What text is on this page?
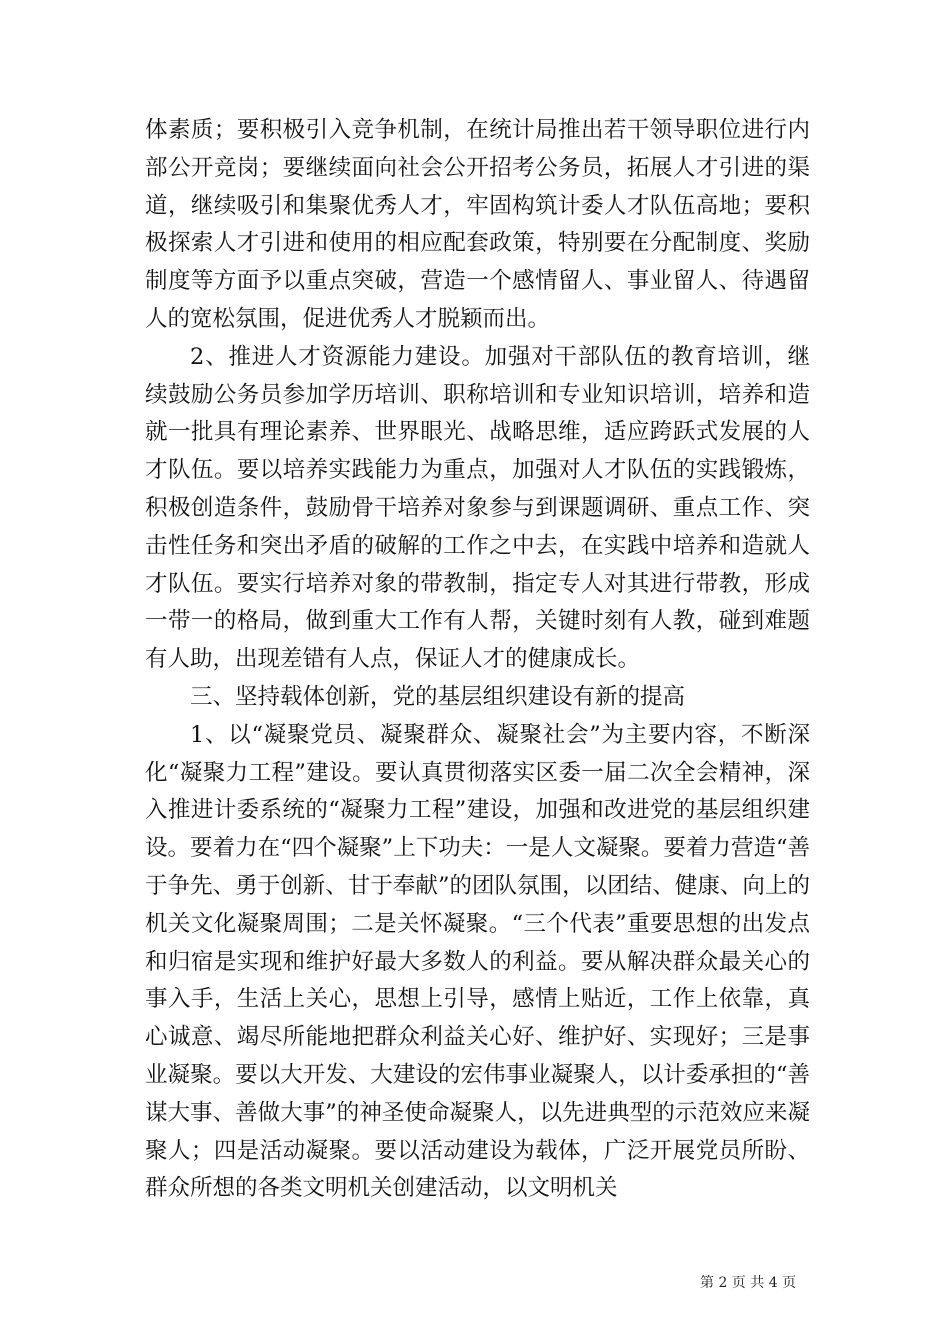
体素质；要积极引入竞争机制，在统计局推出若干领导职位进行内部公开竞岗；要继续面向社会公开招考公务员，拓展人才引进的渠道，继续吸引和集聚优秀人才，牢固构筑计委人才队伍高地；要积极探索人才引进和使用的相应配套政策，特别要在分配制度、奖励制度等方面予以重点突破，营造一个感情留人、事业留人、待遇留人的宽松氛围，促进优秀人才脱颖而出。

2、推进人才资源能力建设。加强对干部队伍的教育培训，继续鼓励公务员参加学历培训、职称培训和专业知识培训，培养和造就一批具有理论素养、世界眼光、战略思维，适应跨跃式发展的人才队伍。要以培养实践能力为重点，加强对人才队伍的实践锻炼，积极创造条件，鼓励骨干培养对象参与到课题调研、重点工作、突击性任务和突出矛盾的破解的工作之中去，在实践中培养和造就人才队伍。要实行培养对象的带教制，指定专人对其进行带教，形成一带一的格局，做到重大工作有人帮，关键时刻有人教，碰到难题有人助，出现差错有人点，保证人才的健康成长。

三、坚持载体创新，党的基层组织建设有新的提高

1、以“凝聚党员、凝聚群众、凝聚社会”为主要内容，不断深化“凝聚力工程”建设。要认真贯彻落实区委一届二次全会精神，深入推进计委系统的“凝聚力工程”建设，加强和改进党的基层组织建设。要着力在“四个凝聚”上下功夫：一是人文凝聚。要着力营造“善于争先、勇于创新、甘于奉献”的团队氛围，以团结、健康、向上的机关文化凝聚周围；二是关怀凝聚。“三个代表”重要思想的出发点和归宿是实现和维护好最大多数人的利益。要从解决群众最关心的事入手，生活上关心，思想上引导，感情上贴近，工作上依靠，真心诚意、竭尽所能地把群众利益关心好、维护好、实现好；三是事业凝聚。要以大开发、大建设的宏伟事业凝聚人，以计委承担的“善谋大事、善做大事”的神圣使命凝聚人，以先进典型的示范效应来凝聚人；四是活动凝聚。要以活动建设为载体，广泛开展党员所盼、群众所想的各类文明机关创建活动，以文明机关

第 2 页 共 4 页
